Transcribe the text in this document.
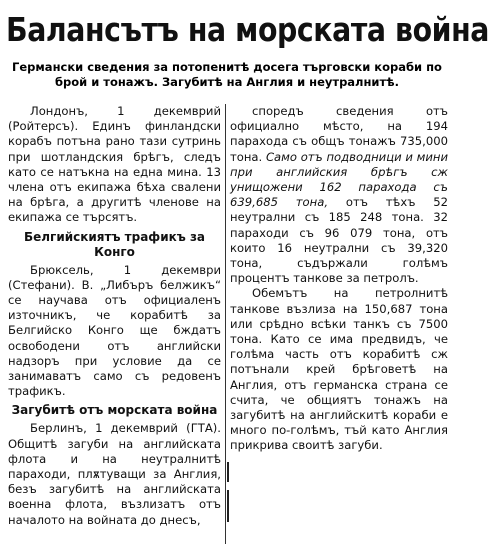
Балансътъ на морската война
Германски сведения за потопенитѣ досега търговски кораби по брой и тонажъ. Загубитѣ на Англия и неутралнитѣ.

Лондонъ, 1 декемврий (Ройтерсъ). Единъ финландски корабъ потъна рано тази сутринь при шотландския брѣгъ, следъ като се натъкна на една мина. 13 члена отъ екипажа бѣха свалени на брѣга, а другитѣ членове на екипажа се търсятъ.

Белгийскиятъ трафикъ за Конго

Брюксель, 1 декември (Стефани). В. „Либъръ белжикъ“ се научава отъ официаленъ източникъ, че корабитѣ за Белгийско Конго ще бждатъ освободени отъ английски надзоръ при условие да се занимаватъ само съ редовенъ трафикъ.

Загубитѣ отъ морската война

Берлинъ, 1 декемврий (ГТА). Общитѣ загуби на английската флота и на неутралнитѣ параходи, плѫтуващи за Англия, безъ загубитѣ на английската военна флота, възлизатъ отъ началото на войната до днесъ,

споредъ сведения отъ официално мѣсто, на 194 парахода съ общъ тонажъ 735,000 тона. Само отъ подводници и мини при английския брѣгъ сж унищожени 162 парахода съ 639,685 тона, отъ тѣхъ 52 неутрални съ 185 248 тона. 32 параходи съ 96 079 тона, отъ които 16 неутрални съ 39,320 тона, съдържали голѣмъ процентъ танкове за петролъ.

Обемътъ на петролнитѣ танкове възлиза на 150,687 тона или срѣдно всѣки танкъ съ 7500 тона. Като се има предвидъ, че голѣма часть отъ корабитѣ сж потънали крей брѣговетѣ на Англия, отъ германска страна се счита, че общиятъ тонажъ на загубитѣ на английскитѣ кораби е много по-голѣмъ, тъй като Англия прикрива своитѣ загуби.
